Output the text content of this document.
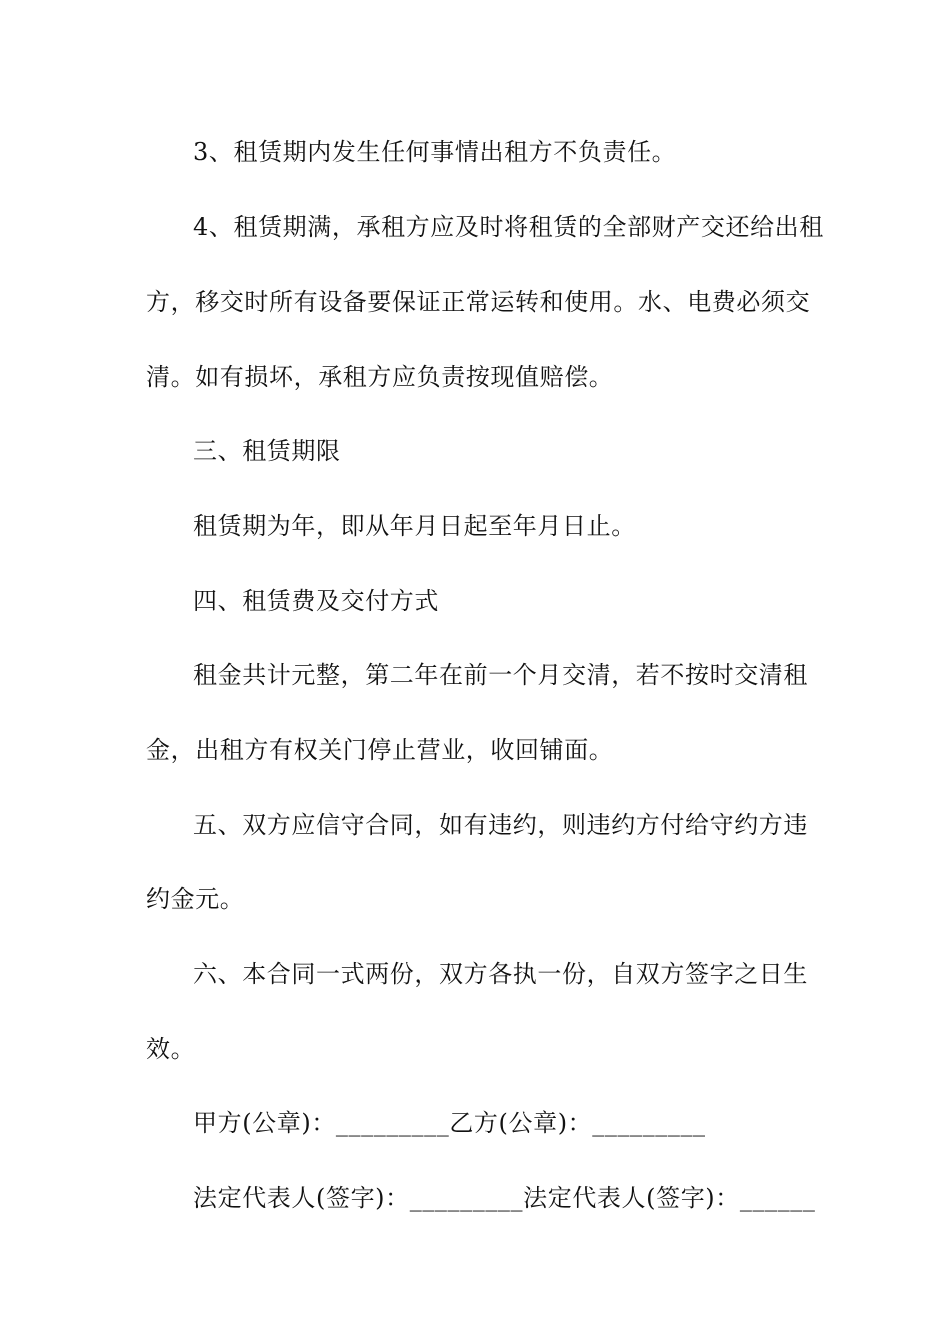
3、租赁期内发生任何事情出租方不负责任。
4、租赁期满，承租方应及时将租赁的全部财产交还给出租
方，移交时所有设备要保证正常运转和使用。水、电费必须交
清。如有损坏，承租方应负责按现值赔偿。
三、租赁期限
租赁期为年，即从年月日起至年月日止。
四、租赁费及交付方式
租金共计元整，第二年在前一个月交清，若不按时交清租
金，出租方有权关门停止营业，收回铺面。
五、双方应信守合同，如有违约，则违约方付给守约方违
约金元。
六、本合同一式两份，双方各执一份，自双方签字之日生
效。
甲方(公章)：_________乙方(公章)：_________
法定代表人(签字)：_________法定代表人(签字)：______
